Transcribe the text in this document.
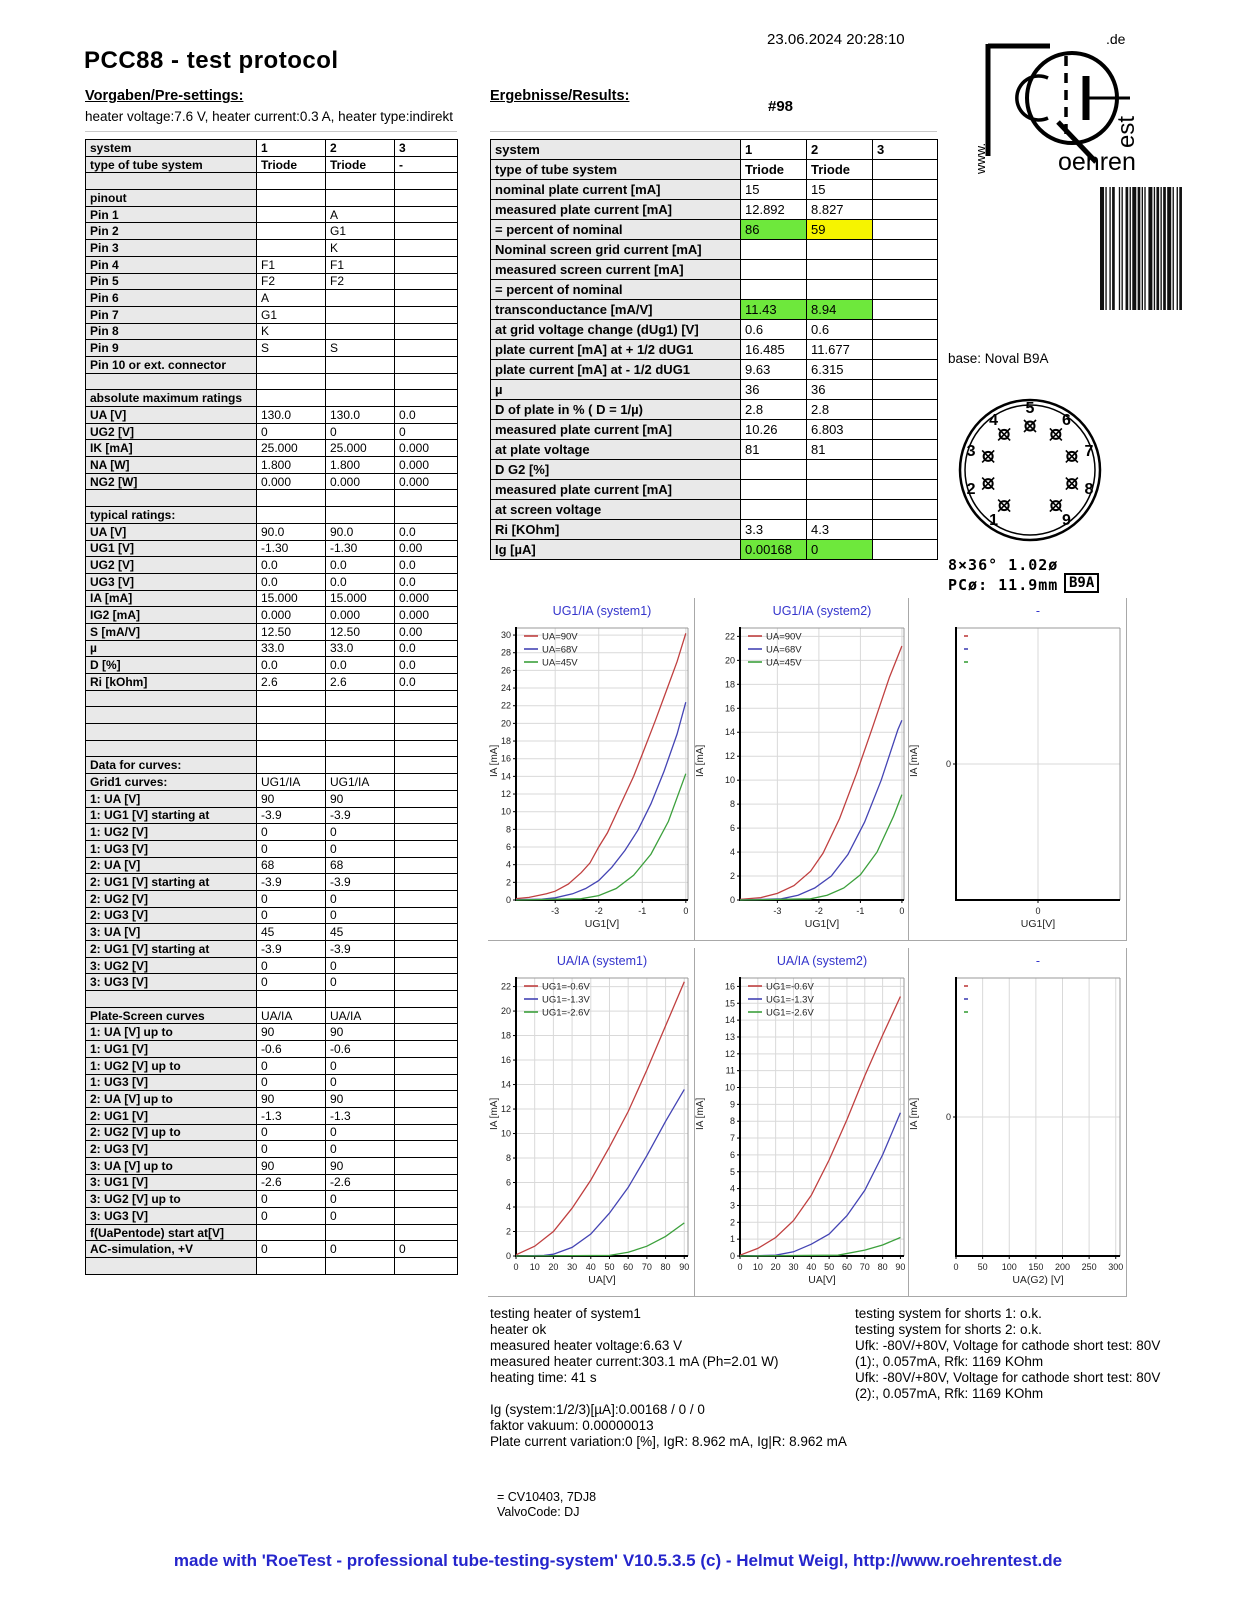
23.06.2024 20:28:10
oehren
est
.de
www.
PCC88 - test protocol
Vorgaben/Pre-settings:	Ergebnisse/Results:
heater voltage:7.6 V, heater current:0.3 A, heater type:indirekt
#98
system	1	2	3
type of tube system	Triode	Triode	-

pinout			
Pin 1		A	
Pin 2		G1	
Pin 3		K	
Pin 4	F1	F1	
Pin 5	F2	F2	
Pin 6	A		
Pin 7	G1		
Pin 8	K		
Pin 9	S	S	
Pin 10 or ext. connector			

absolute maximum ratings			
UA [V]	130.0	130.0	0.0
UG2 [V]	0	0	0
IK [mA]	25.000	25.000	0.000
NA [W]	1.800	1.800	0.000
NG2 [W]	0.000	0.000	0.000

typical ratings:			
UA [V]	90.0	90.0	0.0
UG1 [V]	-1.30	-1.30	0.00
UG2 [V]	0.0	0.0	0.0
UG3 [V]	0.0	0.0	0.0
IA [mA]	15.000	15.000	0.000
IG2 [mA]	0.000	0.000	0.000
S [mA/V]	12.50	12.50	0.00
µ	33.0	33.0	0.0
D [%]	0.0	0.0	0.0
Ri [kOhm]	2.6	2.6	0.0

Data for curves:			
Grid1 curves:	UG1/IA	UG1/IA	
1: UA [V]	90	90	
1: UG1 [V] starting at	-3.9	-3.9	
1: UG2 [V]	0	0	
1: UG3 [V]	0	0	
2: UA [V]	68	68	
2: UG1 [V] starting at	-3.9	-3.9	
2: UG2 [V]	0	0	
2: UG3 [V]	0	0	
3: UA [V]	45	45	
2: UG1 [V] starting at	-3.9	-3.9	
3: UG2 [V]	0	0	
3: UG3 [V]	0	0	

Plate-Screen curves	UA/IA	UA/IA	
1: UA [V] up to	90	90	
1: UG1 [V]	-0.6	-0.6	
1: UG2 [V] up to	0	0	
1: UG3 [V]	0	0	
2: UA [V] up to	90	90	
2: UG1 [V]	-1.3	-1.3	
2: UG2 [V] up to	0	0	
2: UG3 [V]	0	0	
3: UA [V] up to	90	90	
3: UG1 [V]	-2.6	-2.6	
3: UG2 [V] up to	0	0	
3: UG3 [V]	0	0	
f(UaPentode) start at[V]			
AC-simulation, +V	0	0	0

system	1	2	3
type of tube system	Triode	Triode	
nominal plate current [mA]	15	15	
measured plate current [mA]	12.892	8.827	
= percent of nominal	86	59	
Nominal screen grid current [mA]			
measured screen current [mA]			
= percent of nominal			
transconductance [mA/V]	11.43	8.94	
at grid voltage change (dUg1) [V]	0.6	0.6	
plate current [mA] at + 1/2 dUG1	16.485	11.677	
plate current [mA] at - 1/2 dUG1	9.63	6.315	
µ	36	36	
D of plate in % ( D = 1/µ)	2.8	2.8	
measured plate current [mA]	10.26	6.803	
at plate voltage	81	81	
D G2 [%]			
measured plate current [mA]			
at screen voltage			
Ri [KOhm]	3.3	4.3	
Ig [µA]	0.00168	0	
base: Noval B9A
1
2
3
4
5
6
7
8
9
8×36° 1.02ø
PCø: 11.9mm B9A
UG1/IA (system1)
-3	-2	-1	0
0
2
4
6
8
10
12
14
16
18
20
22
24
26
28
30	UA=90V
UA=68V
UA=45V
IA [mA]
UG1[V]
UG1/IA (system2)
-3	-2	-1	0
0
2
4
6
8
10
12
14
16
18
20
22	UA=90V
UA=68V
UA=45V
IA [mA]
UG1[V]
-
0
0
IA [mA]
UG1[V]
UA/IA (system1)
0 10 20 30 40 50 60 70 80 90
0
2
4
6
8
10
12
14
16
18
20
22	UG1=-0.6V
UG1=-1.3V
UG1=-2.6V
IA [mA]
UA[V]
UA/IA (system2)
0 10 20 30 40 50 60 70 80 90
0
1
2
3
4
5
6
7
8
9
10
11
12
13
14
15
16	UG1=-0.6V
UG1=-1.3V
UG1=-2.6V
IA [mA]
UA[V]
-
0 50 100 150 200 250 300
0
IA [mA]
UA(G2) [V]
testing heater of system1
heater ok
measured heater voltage:6.63 V
measured heater current:303.1 mA (Ph=2.01 W)
heating time: 41 s
Ig (system:1/2/3)[µA]:0.00168 / 0 / 0
faktor vakuum: 0.00000013
Plate current variation:0 [%], IgR: 8.962 mA, Ig|R: 8.962 mA
testing system for shorts 1: o.k.
testing system for shorts 2: o.k.
Ufk: -80V/+80V, Voltage for cathode short test: 80V
(1):, 0.057mA, Rfk: 1169 KOhm
Ufk: -80V/+80V, Voltage for cathode short test: 80V
(2):, 0.057mA, Rfk: 1169 KOhm
= CV10403, 7DJ8
ValvoCode: DJ
made with 'RoeTest - professional tube-testing-system' V10.5.3.5 (c) - Helmut Weigl, http://www.roehrentest.de
